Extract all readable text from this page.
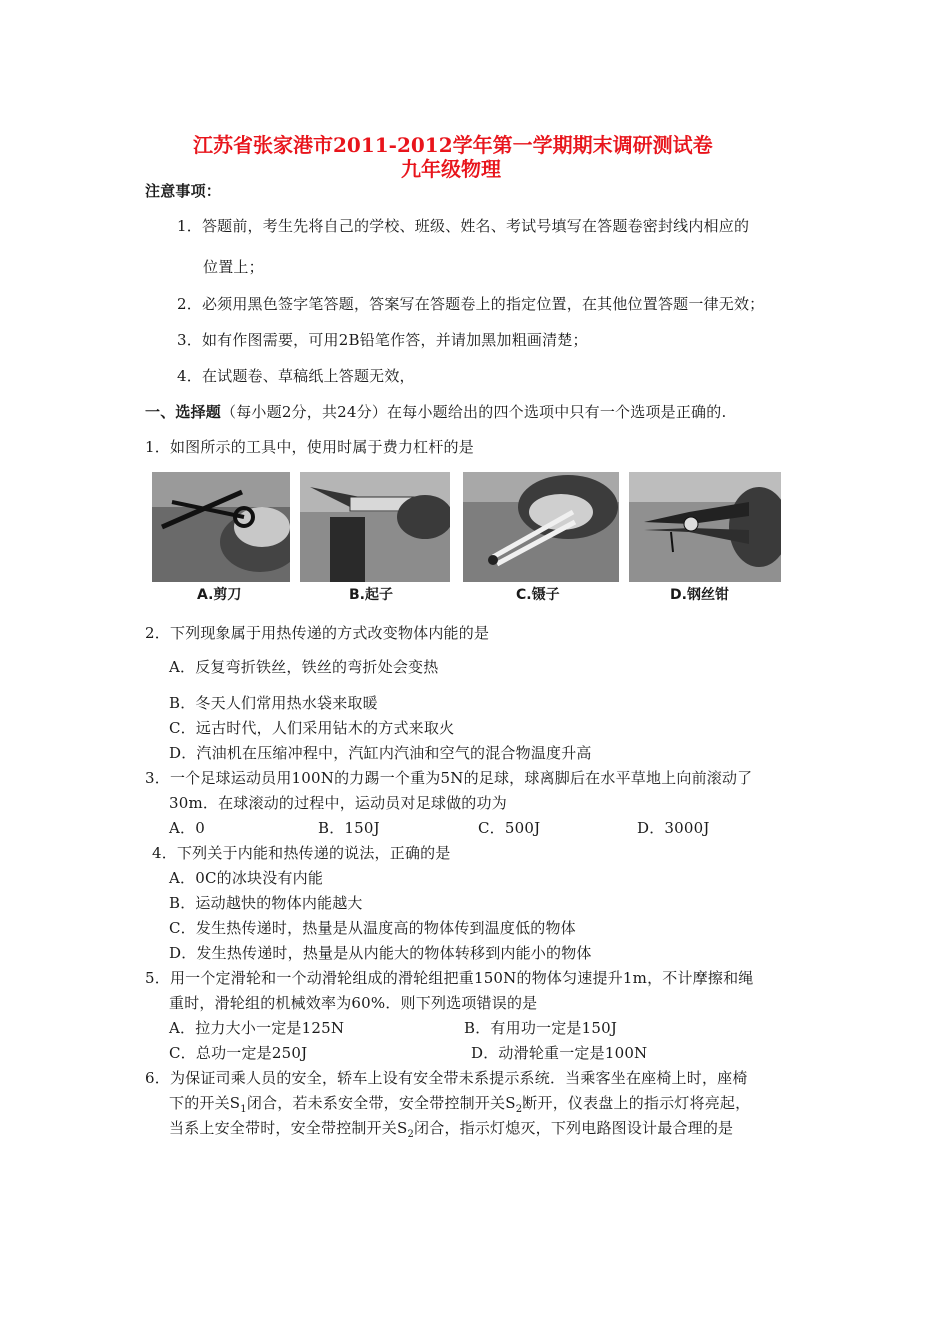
江苏省张家港市2011-2012学年第一学期期末调研测试卷
九年级物理
注意事项：
1．答题前，考生先将自己的学校、班级、姓名、考试号填写在答题卷密封线内相应的
位置上；
2．必须用黑色签字笔答题，答案写在答题卷上的指定位置，在其他位置答题一律无效；
3．如有作图需要，可用2B铅笔作答，并请加黑加粗画清楚；
4．在试题卷、草稿纸上答题无效，
一、选择题（每小题2分，共24分）在每小题给出的四个选项中只有一个选项是正确的.
1．如图所示的工具中，使用时属于费力杠杆的是
A.剪刀	B.起子	C.镊子	D.钢丝钳
2．下列现象属于用热传递的方式改变物体内能的是
A．反复弯折铁丝，铁丝的弯折处会变热
B．冬天人们常用热水袋来取暖
C．远古时代，人们采用钻木的方式来取火
D．汽油机在压缩冲程中，汽缸内汽油和空气的混合物温度升高
3．一个足球运动员用100N的力踢一个重为5N的足球，球离脚后在水平草地上向前滚动了
30m．在球滚动的过程中，运动员对足球做的功为
A．0	B．150J	C．500J	D．3000J
4．下列关于内能和热传递的说法，正确的是
A．0C的冰块没有内能
B．运动越快的物体内能越大
C．发生热传递时，热量是从温度高的物体传到温度低的物体
D．发生热传递时，热量是从内能大的物体转移到内能小的物体
5．用一个定滑轮和一个动滑轮组成的滑轮组把重150N的物体匀速提升1m，不计摩擦和绳
重时，滑轮组的机械效率为60%．则下列选项错误的是
A．拉力大小一定是125N	B．有用功一定是150J
C．总功一定是250J	D．动滑轮重一定是100N
6．为保证司乘人员的安全，轿车上设有安全带未系提示系统．当乘客坐在座椅上时，座椅
下的开关$S_1$闭合，若未系安全带，安全带控制开关$S_2$断开，仪表盘上的指示灯将亮起，
当系上安全带时，安全带控制开关$S_2$闭合，指示灯熄灭，下列电路图设计最合理的是
